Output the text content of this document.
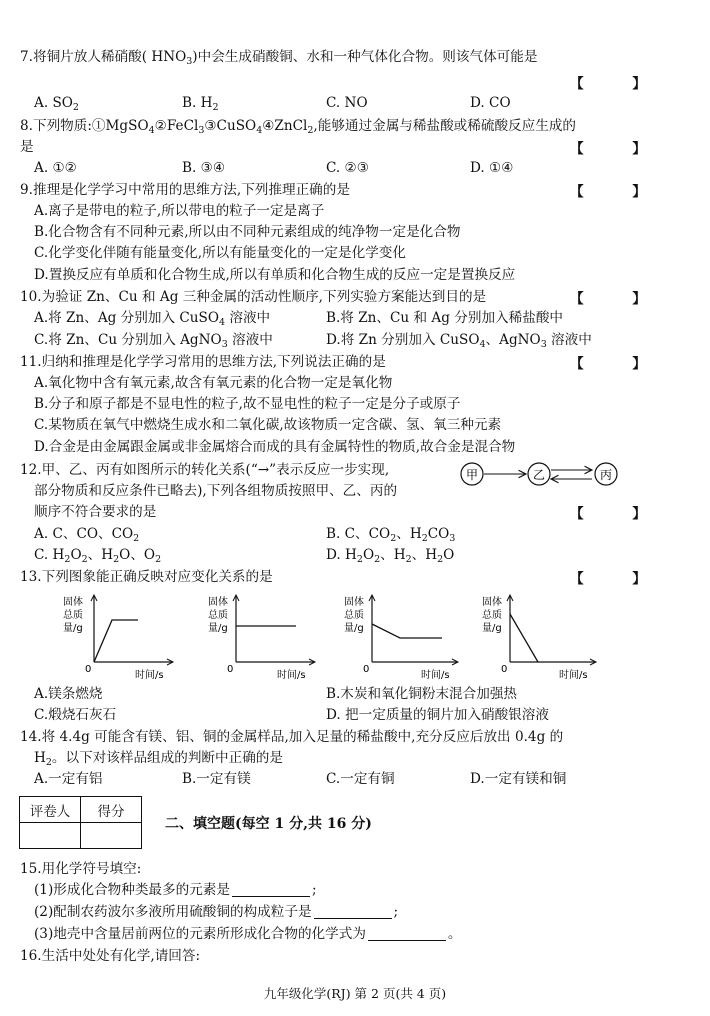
7.将铜片放人稀硝酸( $HNO_3$)中会生成硝酸铜、水和一种气体化合物。则该气体可能是
【 】
A. $SO_2$	B. $H_2$	C. NO	D. CO
8.下列物质:①MgSO$_4$②FeCl$_3$③CuSO$_4$④ZnCl$_2$,能够通过金属与稀盐酸或稀硫酸反应生成的
是	【 】
A. ①②	B. ③④	C. ②③	D. ①④
9.推理是化学学习中常用的思维方法,下列推理正确的是	【 】
A.离子是带电的粒子,所以带电的粒子一定是离子
B.化合物含有不同种元素,所以由不同种元素组成的纯净物一定是化合物
C.化学变化伴随有能量变化,所以有能量变化的一定是化学变化
D.置换反应有单质和化合物生成,所以有单质和化合物生成的反应一定是置换反应
10.为验证 Zn、Cu 和 Ag 三种金属的活动性顺序,下列实验方案能达到目的是	【 】
A.将 Zn、Ag 分别加入 CuSO$_4$ 溶液中	B.将 Zn、Cu 和 Ag 分别加入稀盐酸中
C.将 Zn、Cu 分别加入 AgNO$_3$ 溶液中	D.将 Zn 分别加入 CuSO$_4$、AgNO$_3$ 溶液中
11.归纳和推理是化学学习常用的思维方法,下列说法正确的是	【 】
A.氧化物中含有氧元素,故含有氧元素的化合物一定是氧化物
B.分子和原子都是不显电性的粒子,故不显电性的粒子一定是分子或原子
C.某物质在氧气中燃烧生成水和二氧化碳,故该物质一定含碳、氢、氧三种元素
D.合金是由金属跟金属或非金属熔合而成的具有金属特性的物质,故合金是混合物
12.甲、乙、丙有如图所示的转化关系(“→”表示反应一步实现,
部分物质和反应条件已略去),下列各组物质按照甲、乙、丙的
顺序不符合要求的是	【 】
甲	乙	丙
A. C、CO、$CO_2$	B. C、$CO_2$、$H_2CO_3$
C. $H_2O_2$、$H_2O$、$O_2$	D. $H_2O_2$、$H_2$、$H_2O$
13.下列图象能正确反映对应变化关系的是	【 】
固体
总质
量/g
0
时间/s
固体
总质
量/g
0
时间/s
固体
总质
量/g
0
时间/s
固体
总质
量/g
0
时间/s
A.镁条燃烧	B.木炭和氧化铜粉末混合加强热
C.煅烧石灰石	D. 把一定质量的铜片加入硝酸银溶液
14.将 4.4g 可能含有镁、铝、铜的金属样品,加入足量的稀盐酸中,充分反应后放出 0.4g 的
$H_2$。以下对该样品组成的判断中正确的是
A.一定有铝	B.一定有镁	C.一定有铜	D.一定有镁和铜
评卷人	得分

二、填空题(每空 1 分,共 16 分)
15.用化学符号填空:
(1)形成化合物种类最多的元素是	;
(2)配制农药波尔多液所用硫酸铜的构成粒子是	;
(3)地壳中含量居前两位的元素所形成化合物的化学式为	。
16.生活中处处有化学,请回答:
九年级化学(RJ) 第 2 页(共 4 页)
